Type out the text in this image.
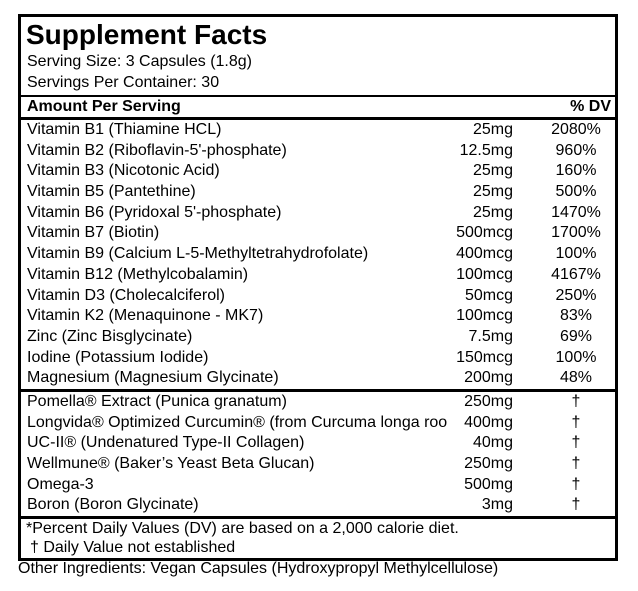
Supplement Facts
Serving Size: 3 Capsules (1.8g)
Servings Per Container: 30
Amount Per Serving	% DV
Vitamin B1 (Thiamine HCL)	25mg	2080%
Vitamin B2 (Riboflavin-5'-phosphate)	12.5mg	960%
Vitamin B3 (Nicotonic Acid)	25mg	160%
Vitamin B5 (Pantethine)	25mg	500%
Vitamin B6 (Pyridoxal 5'-phosphate)	25mg	1470%
Vitamin B7 (Biotin)	500mcg	1700%
Vitamin B9 (Calcium L-5-Methyltetrahydrofolate)	400mcg	100%
Vitamin B12 (Methylcobalamin)	100mcg	4167%
Vitamin D3 (Cholecalciferol)	50mcg	250%
Vitamin K2 (Menaquinone - MK7)	100mcg	83%
Zinc (Zinc Bisglycinate)	7.5mg	69%
Iodine (Potassium Iodide)	150mcg	100%
Magnesium (Magnesium Glycinate)	200mg	48%
Pomella® Extract (Punica granatum)	250mg	†
Longvida® Optimized Curcumin® (from Curcuma longa roo	400mg	†
UC-II® (Undenatured Type-II Collagen)	40mg	†
Wellmune® (Baker’s Yeast Beta Glucan)	250mg	†
Omega-3	500mg	†
Boron (Boron Glycinate)	3mg	†
*Percent Daily Values (DV) are based on a 2,000 calorie diet.
† Daily Value not established
Other Ingredients: Vegan Capsules (Hydroxypropyl Methylcellulose)
